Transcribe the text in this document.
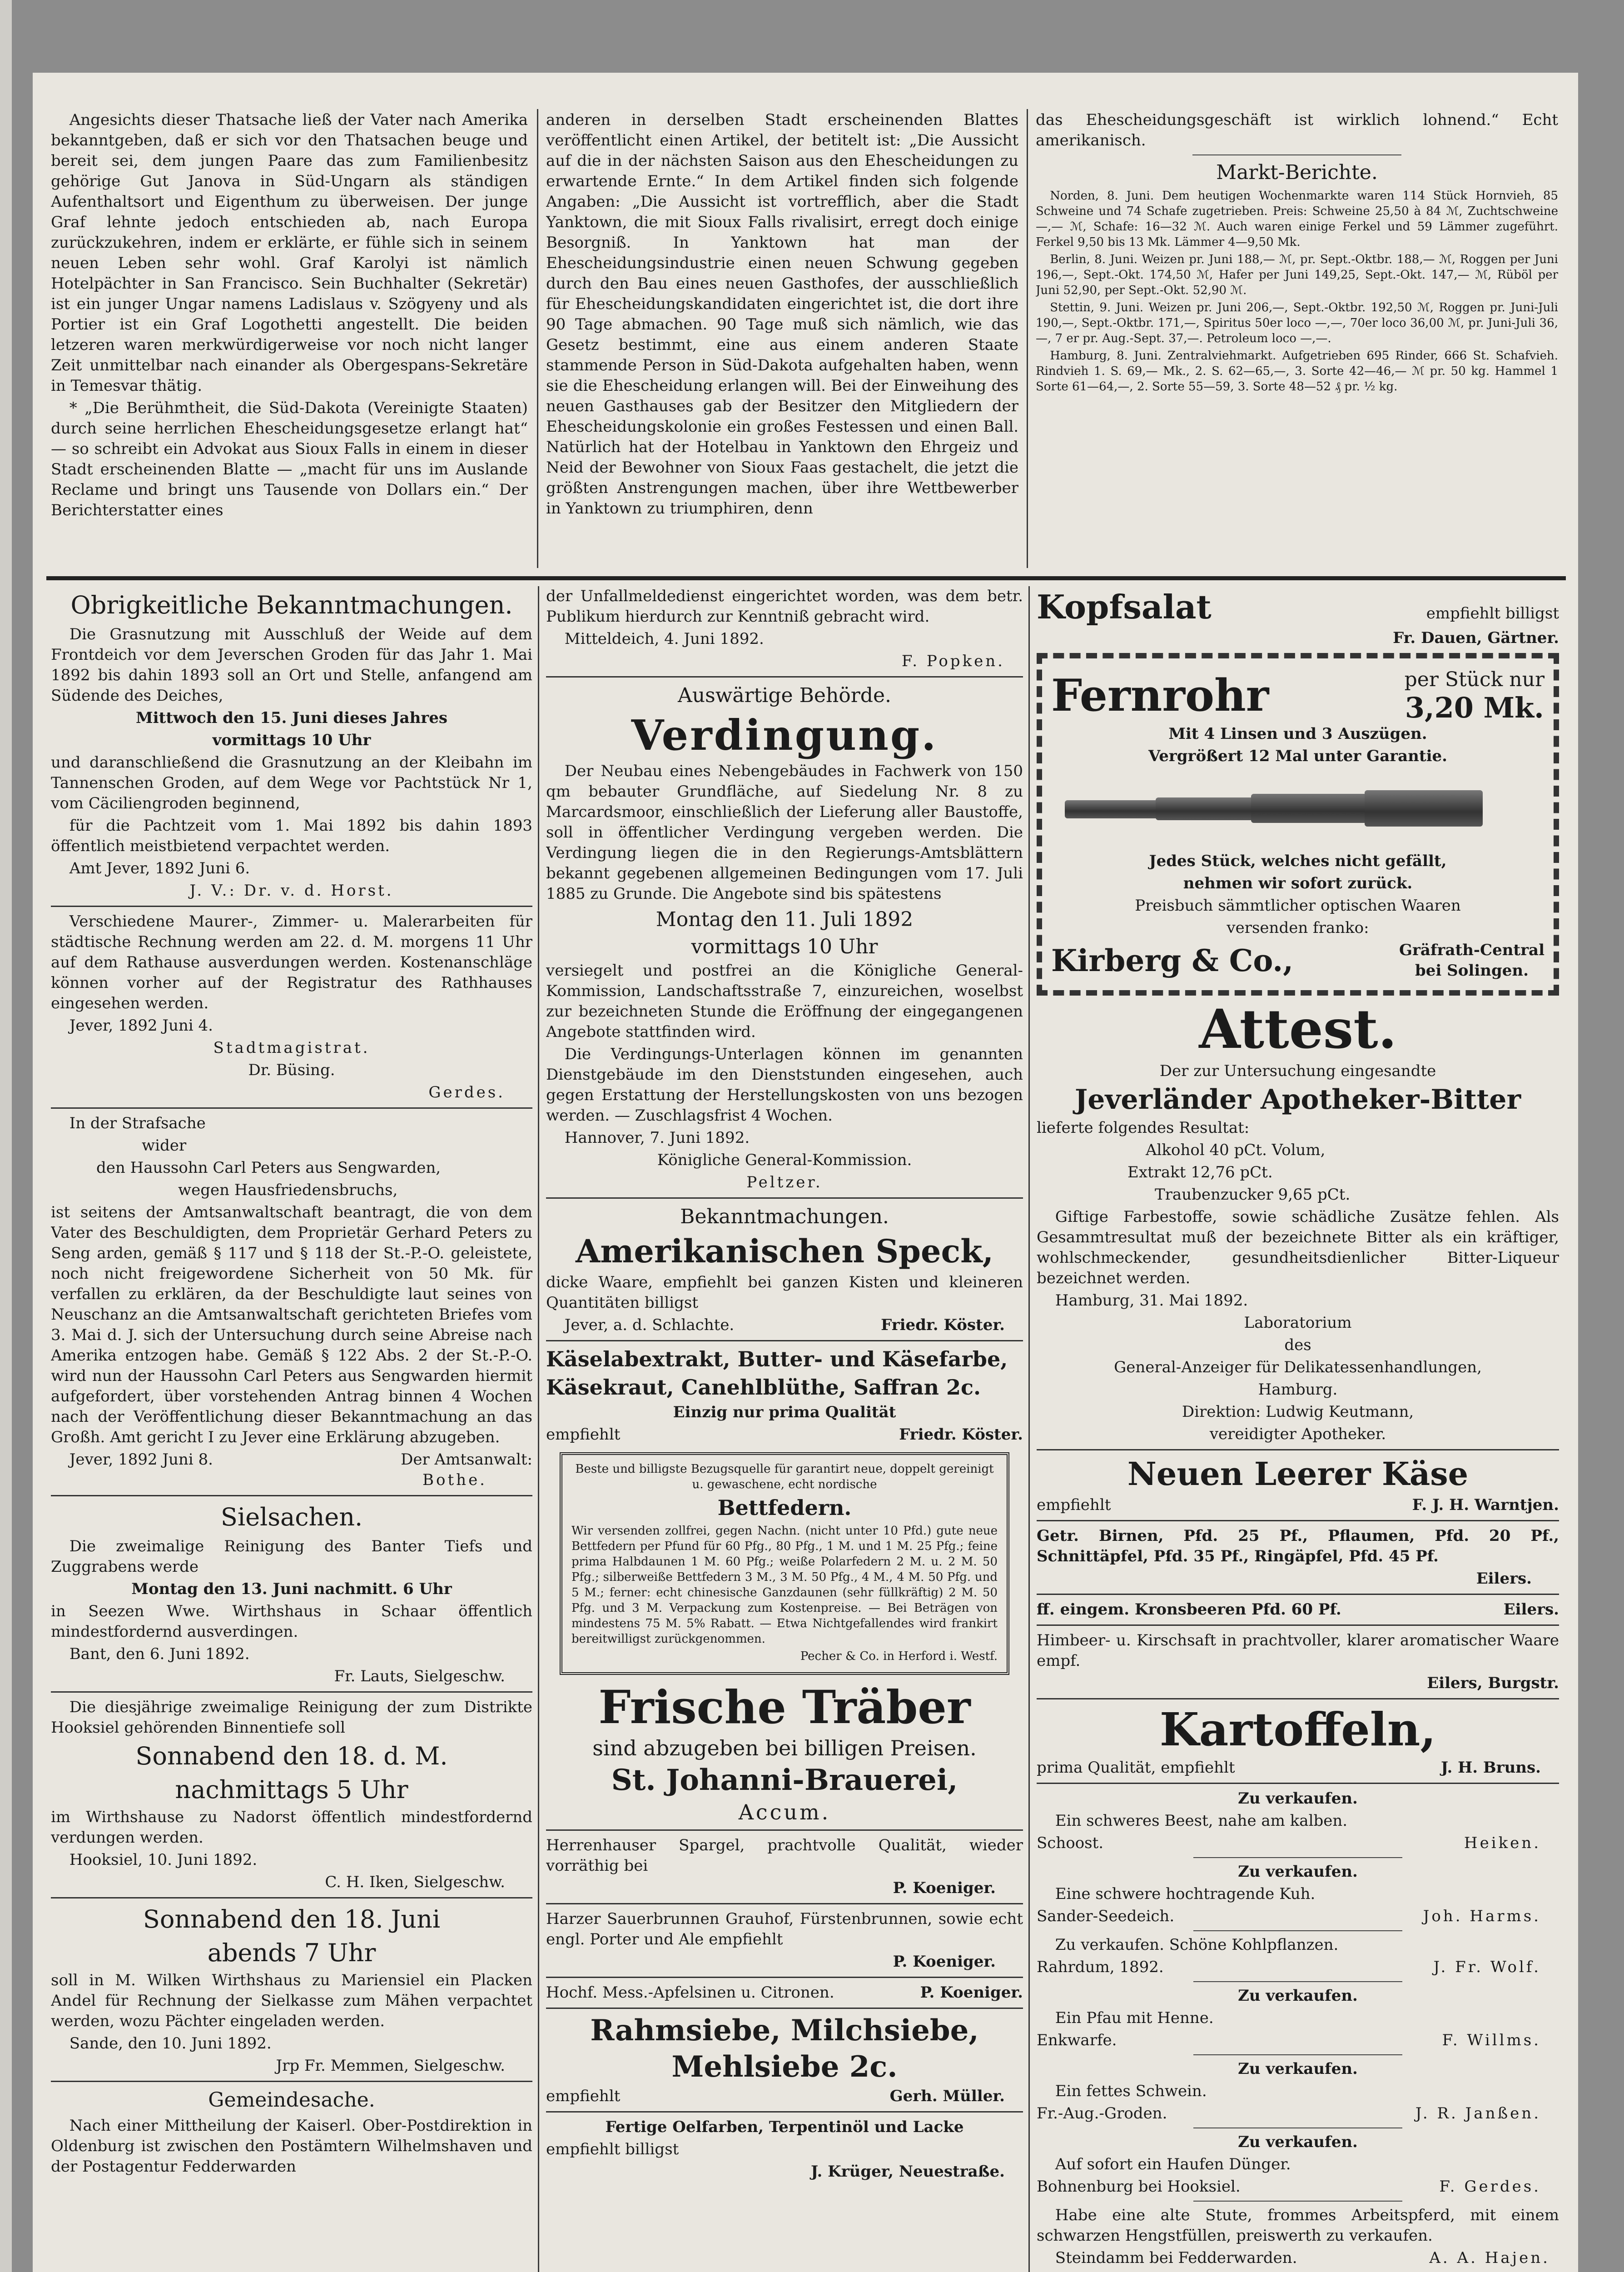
Angesichts dieser Thatsache ließ der Vater nach Amerika bekanntgeben, daß er sich vor den Thatsachen beuge und bereit sei, dem jungen Paare das zum Familienbesitz gehörige Gut Janova in Süd-Ungarn als ständigen Aufenthaltsort und Eigenthum zu überweisen. Der junge Graf lehnte jedoch entschieden ab, nach Europa zurückzukehren, indem er erklärte, er fühle sich in seinem neuen Leben sehr wohl. Graf Karolyi ist nämlich Hotelpächter in San Francisco. Sein Buchhalter (Sekretär) ist ein junger Ungar namens Ladislaus v. Szögyeny und als Portier ist ein Graf Logothetti angestellt. Die beiden letzeren waren merkwürdigerweise vor noch nicht langer Zeit unmittelbar nach einander als Obergespans-Sekretäre in Temesvar thätig.

* „Die Berühmtheit, die Süd-Dakota (Vereinigte Staaten) durch seine herrlichen Ehescheidungsgesetze erlangt hat“ — so schreibt ein Advokat aus Sioux Falls in einem in dieser Stadt erscheinenden Blatte — „macht für uns im Auslande Reclame und bringt uns Tausende von Dollars ein.“ Der Berichterstatter eines

anderen in derselben Stadt erscheinenden Blattes veröffentlicht einen Artikel, der betitelt ist: „Die Aussicht auf die in der nächsten Saison aus den Ehescheidungen zu erwartende Ernte.“ In dem Artikel finden sich folgende Angaben: „Die Aussicht ist vortrefflich, aber die Stadt Yanktown, die mit Sioux Falls rivalisirt, erregt doch einige Besorgniß. In Yanktown hat man der Ehescheidungsindustrie einen neuen Schwung gegeben durch den Bau eines neuen Gasthofes, der ausschließlich für Ehescheidungskandidaten eingerichtet ist, die dort ihre 90 Tage abmachen. 90 Tage muß sich nämlich, wie das Gesetz bestimmt, eine aus einem anderen Staate stammende Person in Süd-Dakota aufgehalten haben, wenn sie die Ehescheidung erlangen will. Bei der Einweihung des neuen Gasthauses gab der Besitzer den Mitgliedern der Ehescheidungskolonie ein großes Festessen und einen Ball. Natürlich hat der Hotelbau in Yanktown den Ehrgeiz und Neid der Bewohner von Sioux Faas gestachelt, die jetzt die größten Anstrengungen machen, über ihre Wettbewerber in Yanktown zu triumphiren, denn

das Ehescheidungsgeschäft ist wirklich lohnend.“ Echt amerikanisch.

Markt-Berichte.

Norden, 8. Juni. Dem heutigen Wochenmarkte waren 114 Stück Hornvieh, 85 Schweine und 74 Schafe zugetrieben. Preis: Schweine 25,50 à 84 ℳ, Zuchtschweine —,— ℳ, Schafe: 16—32 ℳ. Auch waren einige Ferkel und 59 Lämmer zugeführt. Ferkel 9,50 bis 13 Mk. Lämmer 4—9,50 Mk.

Berlin, 8. Juni. Weizen pr. Juni 188,— ℳ, pr. Sept.-Oktbr. 188,— ℳ, Roggen per Juni 196,—, Sept.-Okt. 174,50 ℳ, Hafer per Juni 149,25, Sept.-Okt. 147,— ℳ, Rüböl per Juni 52,90, per Sept.-Okt. 52,90 ℳ.

Stettin, 9. Juni. Weizen pr. Juni 206,—, Sept.-Oktbr. 192,50 ℳ, Roggen pr. Juni-Juli 190,—, Sept.-Oktbr. 171,—, Spiritus 50er loco —,—, 70er loco 36,00 ℳ, pr. Juni-Juli 36,—, 7 er pr. Aug.-Sept. 37,—. Petroleum loco —,—.

Hamburg, 8. Juni. Zentralviehmarkt. Aufgetrieben 695 Rinder, 666 St. Schafvieh. Rindvieh 1. S. 69,— Mk., 2. S. 62—65,—, 3. Sorte 42—46,— ℳ pr. 50 kg. Hammel 1 Sorte 61—64,—, 2. Sorte 55—59, 3. Sorte 48—52 ₰ pr. ½ kg.

Obrigkeitliche Bekanntmachungen.

Die Grasnutzung mit Ausschluß der Weide auf dem Frontdeich vor dem Jeverschen Groden für das Jahr 1. Mai 1892 bis dahin 1893 soll an Ort und Stelle, anfangend am Südende des Deiches,

Mittwoch den 15. Juni dieses Jahres

vormittags 10 Uhr

und daranschließend die Grasnutzung an der Kleibahn im Tannenschen Groden, auf dem Wege vor Pachtstück Nr 1, vom Cäciliengroden beginnend,

für die Pachtzeit vom 1. Mai 1892 bis dahin 1893 öffentlich meistbietend verpachtet werden.

Amt Jever, 1892 Juni 6.

J. V.: Dr. v. d. Horst.

Verschiedene Maurer-, Zimmer- u. Malerarbeiten für städtische Rechnung werden am 22. d. M. morgens 11 Uhr auf dem Rathause ausverdungen werden. Kostenanschläge können vorher auf der Registratur des Rathhauses eingesehen werden.

Jever, 1892 Juni 4.

Stadtmagistrat.

Dr. Büsing.

Gerdes.

In der Strafsache

wider

den Haussohn Carl Peters aus Sengwarden,

wegen Hausfriedensbruchs,

ist seitens der Amtsanwaltschaft beantragt, die von dem Vater des Beschuldigten, dem Proprietär Gerhard Peters zu Seng arden, gemäß § 117 und § 118 der St.-P.-O. geleistete, noch nicht freigewordene Sicherheit von 50 Mk. für verfallen zu erklären, da der Beschuldigte laut seines von Neuschanz an die Amtsanwaltschaft gerichteten Briefes vom 3. Mai d. J. sich der Untersuchung durch seine Abreise nach Amerika entzogen habe. Gemäß § 122 Abs. 2 der St.-P.-O. wird nun der Haussohn Carl Peters aus Sengwarden hiermit aufgefordert, über vorstehenden Antrag binnen 4 Wochen nach der Veröffentlichung dieser Bekanntmachung an das Großh. Amt gericht I zu Jever eine Erklärung abzugeben.

Jever, 1892 Juni 8.	Der Amtsanwalt:

Bothe.

Sielsachen.

Die zweimalige Reinigung des Banter Tiefs und Zuggrabens werde

Montag den 13. Juni nachmitt. 6 Uhr

in Seezen Wwe. Wirthshaus in Schaar öffentlich mindestfordernd ausverdingen.

Bant, den 6. Juni 1892.

Fr. Lauts, Sielgeschw.

Die diesjährige zweimalige Reinigung der zum Distrikte Hooksiel gehörenden Binnentiefe soll

Sonnabend den 18. d. M.

nachmittags 5 Uhr

im Wirthshause zu Nadorst öffentlich mindestfordernd verdungen werden.

Hooksiel, 10. Juni 1892.

C. H. Iken, Sielgeschw.

Sonnabend den 18. Juni

abends 7 Uhr

soll in M. Wilken Wirthshaus zu Mariensiel ein Placken Andel für Rechnung der Sielkasse zum Mähen verpachtet werden, wozu Pächter eingeladen werden.

Sande, den 10. Juni 1892.

Jrp Fr. Memmen, Sielgeschw.

Gemeindesache.

Nach einer Mittheilung der Kaiserl. Ober-Postdirektion in Oldenburg ist zwischen den Postämtern Wilhelmshaven und der Postagentur Fedderwarden

der Unfallmeldedienst eingerichtet worden, was dem betr. Publikum hierdurch zur Kenntniß gebracht wird.

Mitteldeich, 4. Juni 1892.

F. Popken.

Auswärtige Behörde.
Verdingung.

Der Neubau eines Nebengebäudes in Fachwerk von 150 qm bebauter Grundfläche, auf Siedelung Nr. 8 zu Marcardsmoor, einschließlich der Lieferung aller Baustoffe, soll in öffentlicher Verdingung vergeben werden. Die Verdingung liegen die in den Regierungs-Amtsblättern bekannt gegebenen allgemeinen Bedingungen vom 17. Juli 1885 zu Grunde. Die Angebote sind bis spätestens

Montag den 11. Juli 1892

vormittags 10 Uhr

versiegelt und postfrei an die Königliche General-Kommission, Landschaftsstraße 7, einzureichen, woselbst zur bezeichneten Stunde die Eröffnung der eingegangenen Angebote stattfinden wird.

Die Verdingungs-Unterlagen können im genannten Dienstgebäude im den Dienststunden eingesehen, auch gegen Erstattung der Herstellungskosten von uns bezogen werden. — Zuschlagsfrist 4 Wochen.

Hannover, 7. Juni 1892.

Königliche General-Kommission.

Peltzer.

Bekanntmachungen.
Amerikanischen Speck,

dicke Waare, empfiehlt bei ganzen Kisten und kleineren Quantitäten billigst

Jever, a. d. Schlachte.	Friedr. Köster.

Käselabextrakt, Butter- und Käsefarbe,

Käsekraut, Canehlblüthe, Saffran 2c.

Einzig nur prima Qualität

empfiehlt	Friedr. Köster.

Beste und billigste Bezugsquelle für garantirt neue, doppelt gereinigt u. gewaschene, echt nordische

Bettfedern.

Wir versenden zollfrei, gegen Nachn. (nicht unter 10 Pfd.) gute neue Bettfedern per Pfund für 60 Pfg., 80 Pfg., 1 M. und 1 M. 25 Pfg.; feine prima Halbdaunen 1 M. 60 Pfg.; weiße Polarfedern 2 M. u. 2 M. 50 Pfg.; silberweiße Bettfedern 3 M., 3 M. 50 Pfg., 4 M., 4 M. 50 Pfg. und 5 M.; ferner: echt chinesische Ganzdaunen (sehr füllkräftig) 2 M. 50 Pfg. und 3 M. Verpackung zum Kostenpreise. — Bei Beträgen von mindestens 75 M. 5% Rabatt. — Etwa Nichtgefallendes wird frankirt bereitwilligst zurückgenommen.

Pecher & Co. in Herford i. Westf.

Frische Träber

sind abzugeben bei billigen Preisen.

St. Johanni-Brauerei,

Accum.

Herrenhauser Spargel, prachtvolle Qualität, wieder vorräthig bei

P. Koeniger.

Harzer Sauerbrunnen Grauhof, Fürstenbrunnen, sowie echt engl. Porter und Ale empfiehlt

P. Koeniger.

Hochf. Mess.-Apfelsinen u. Citronen.	P. Koeniger.
Rahmsiebe, Milchsiebe,
Mehlsiebe 2c.
empfiehlt	Gerh. Müller.

Fertige Oelfarben, Terpentinöl und Lacke

empfiehlt billigst

J. Krüger, Neuestraße.

Kopfsalat	empfiehlt billigst

Fr. Dauen, Gärtner.

Fernrohr	per Stück nur
3,20 Mk.

Mit 4 Linsen und 3 Auszügen.

Vergrößert 12 Mal unter Garantie.

Jedes Stück, welches nicht gefällt,

nehmen wir sofort zurück.

Preisbuch sämmtlicher optischen Waaren

versenden franko:

Kirberg & Co.,	Gräfrath-Central
bei Solingen.
Attest.

Der zur Untersuchung eingesandte

Jeverländer Apotheker-Bitter

lieferte folgendes Resultat:

Alkohol 40 pCt. Volum,

Extrakt 12,76 pCt.

Traubenzucker 9,65 pCt.

Giftige Farbestoffe, sowie schädliche Zusätze fehlen. Als Gesammtresultat muß der bezeichnete Bitter als ein kräftiger, wohlschmeckender, gesundheitsdienlicher Bitter-Liqueur bezeichnet werden.

Hamburg, 31. Mai 1892.

Laboratorium

des

General-Anzeiger für Delikatessenhandlungen,

Hamburg.

Direktion: Ludwig Keutmann,

vereidigter Apotheker.

Neuen Leerer Käse
empfiehlt	F. J. H. Warntjen.

Getr. Birnen, Pfd. 25 Pf., Pflaumen, Pfd. 20 Pf., Schnittäpfel, Pfd. 35 Pf., Ringäpfel, Pfd. 45 Pf.

Eilers.

ff. eingem. Kronsbeeren Pfd. 60 Pf.	Eilers.

Himbeer- u. Kirschsaft in prachtvoller, klarer aromatischer Waare empf.

Eilers, Burgstr.

Kartoffeln,
prima Qualität, empfiehlt	J. H. Bruns.

Zu verkaufen.

Ein schweres Beest, nahe am kalben.

Schoost.	Heiken.

Zu verkaufen.

Eine schwere hochtragende Kuh.

Sander-Seedeich.	Joh. Harms.

Zu verkaufen. Schöne Kohlpflanzen.

Rahrdum, 1892.	J. Fr. Wolf.

Zu verkaufen.

Ein Pfau mit Henne.

Enkwarfe.	F. Willms.

Zu verkaufen.

Ein fettes Schwein.

Fr.-Aug.-Groden.	J. R. Janßen.

Zu verkaufen.

Auf sofort ein Haufen Dünger.

Bohnenburg bei Hooksiel.	F. Gerdes.

Habe eine alte Stute, frommes Arbeitspferd, mit einem schwarzen Hengstfüllen, preiswerth zu verkaufen.

Steindamm bei Fedderwarden.	A. A. Hajen.
